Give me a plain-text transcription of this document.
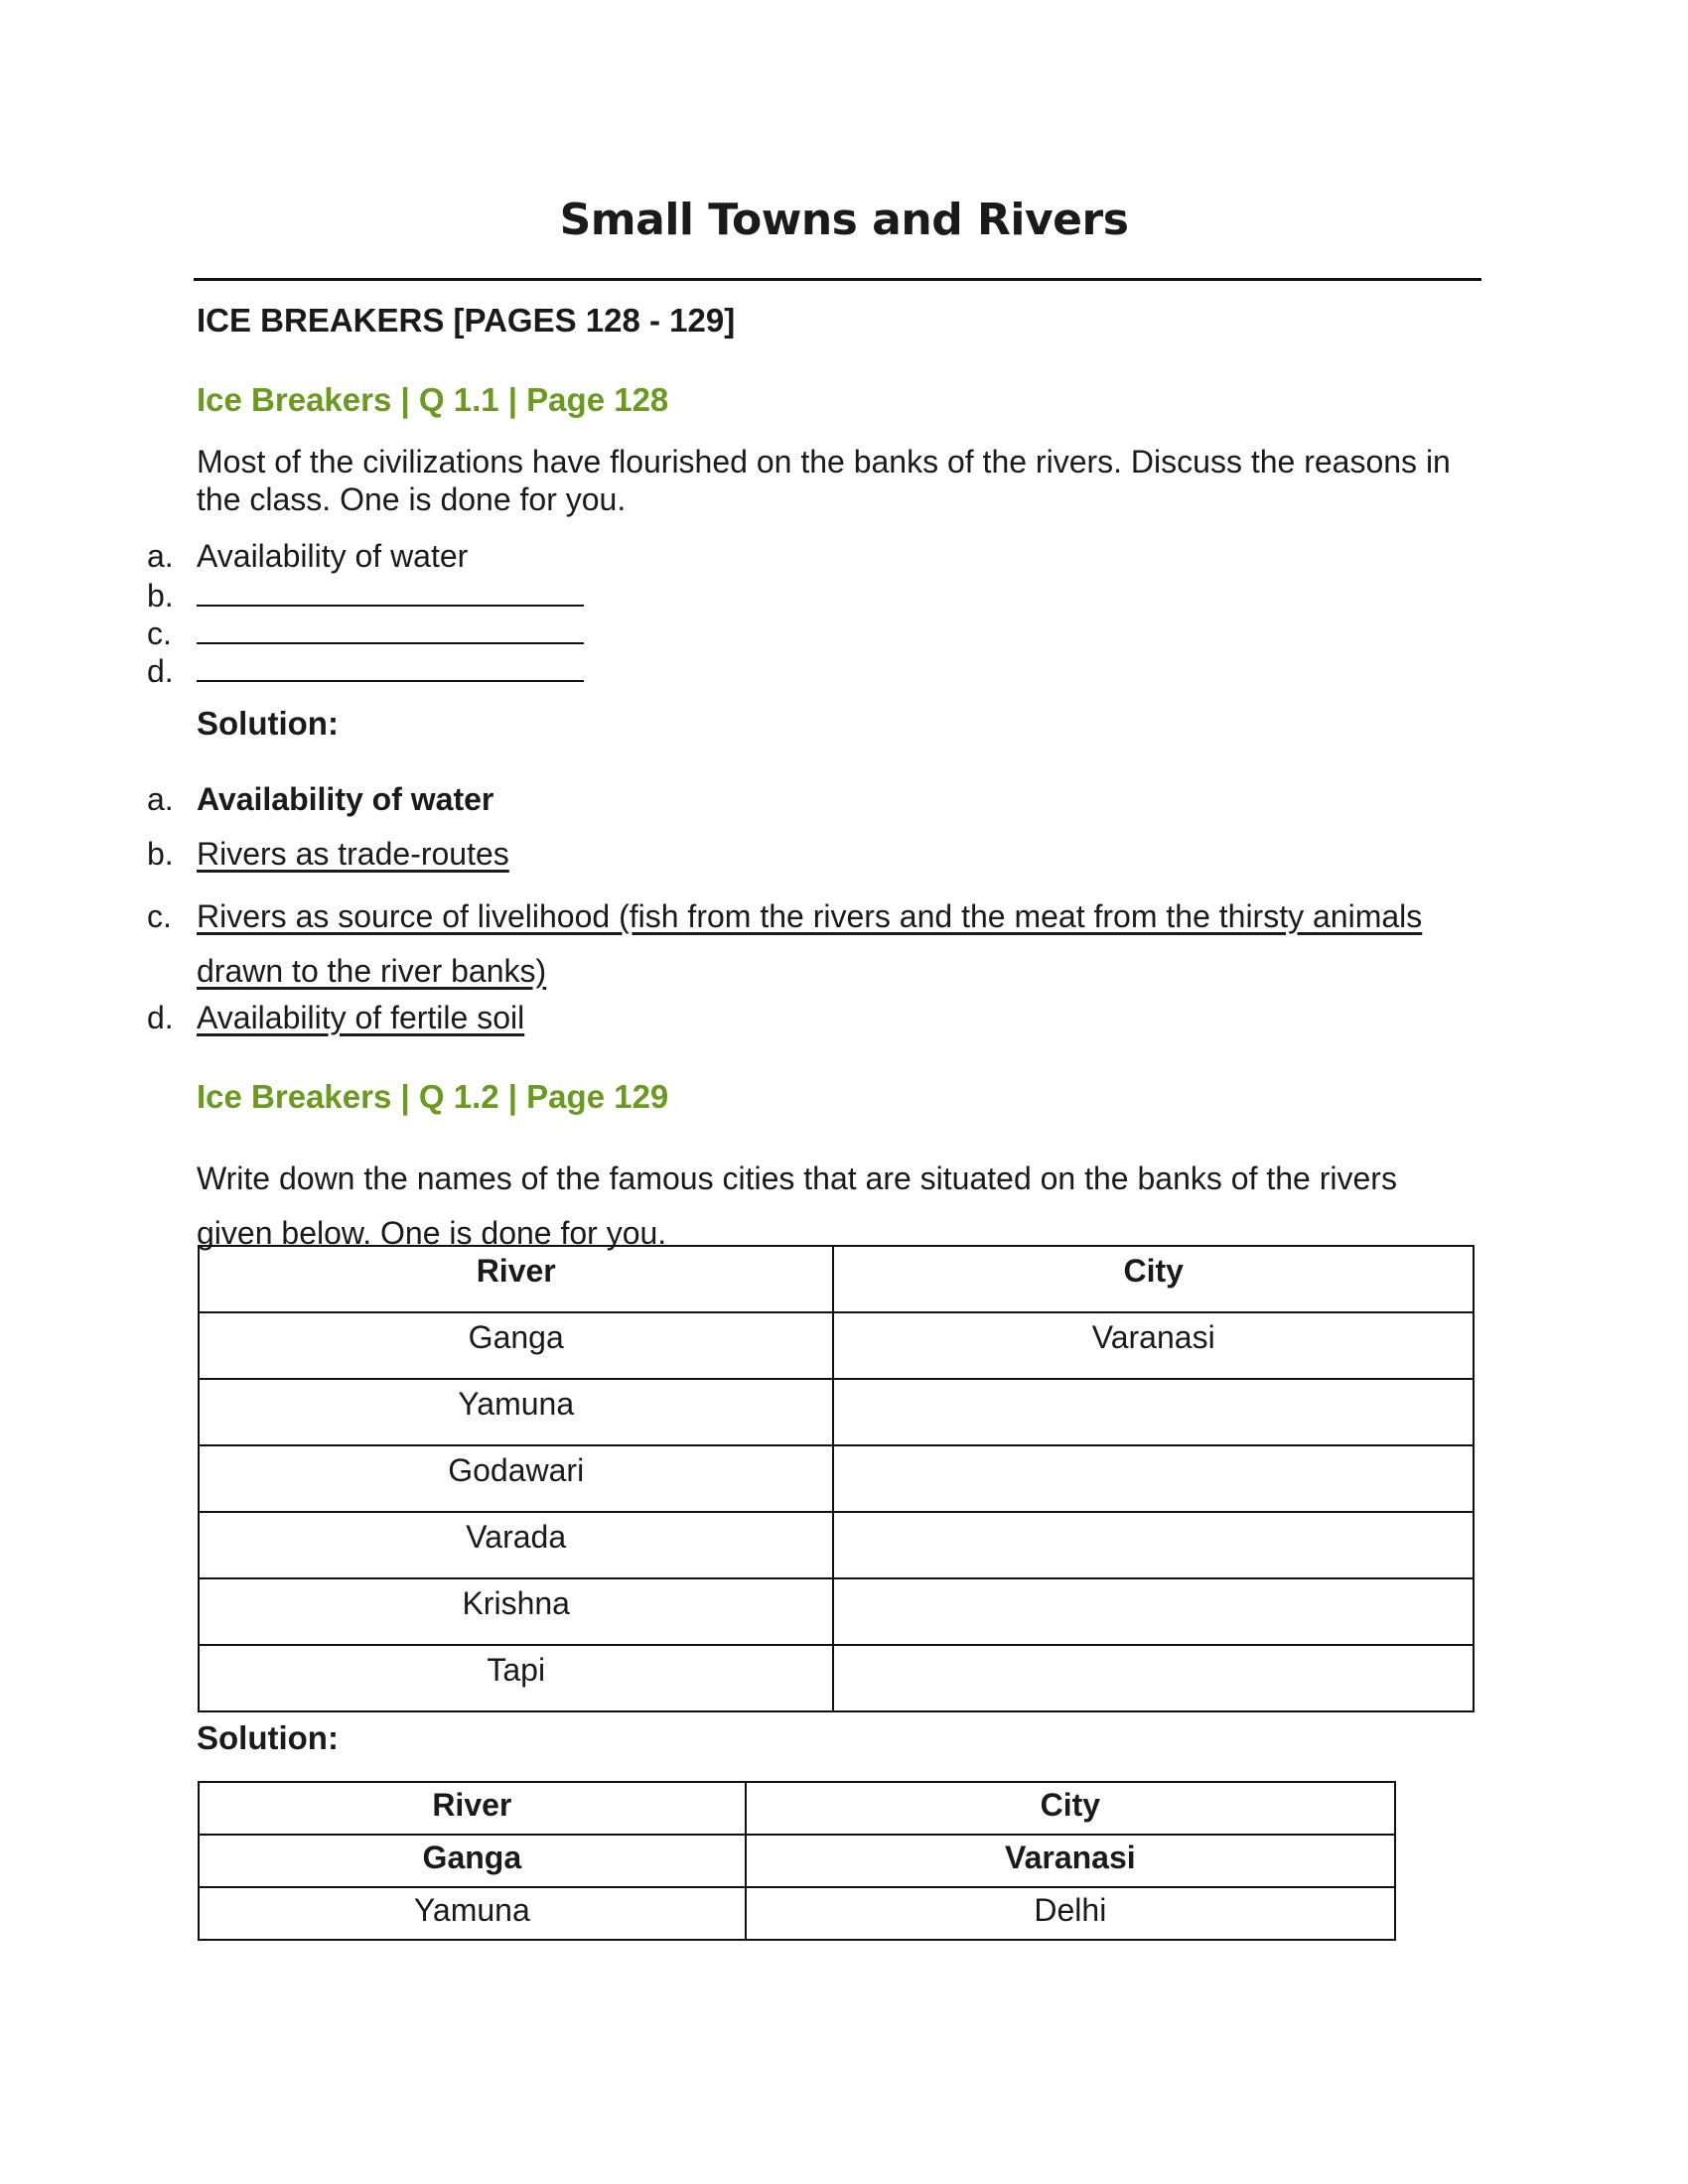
Small Towns and Rivers
ICE BREAKERS [PAGES 128 - 129]
Ice Breakers | Q 1.1 | Page 128
Most of the civilizations have flourished on the banks of the rivers. Discuss the reasons in the class. One is done for you.
a. Availability of water
b.
c.
d.
Solution:
a. Availability of water
b. Rivers as trade-routes
c. Rivers as source of livelihood (fish from the rivers and the meat from the thirsty animals drawn to the river banks)
d. Availability of fertile soil
Ice Breakers | Q 1.2 | Page 129
Write down the names of the famous cities that are situated on the banks of the rivers given below. One is done for you.
River	City
Ganga	Varanasi
Yamuna	
Godawari	
Varada	
Krishna	
Tapi	
Solution:
River	City
Ganga	Varanasi
Yamuna	Delhi
